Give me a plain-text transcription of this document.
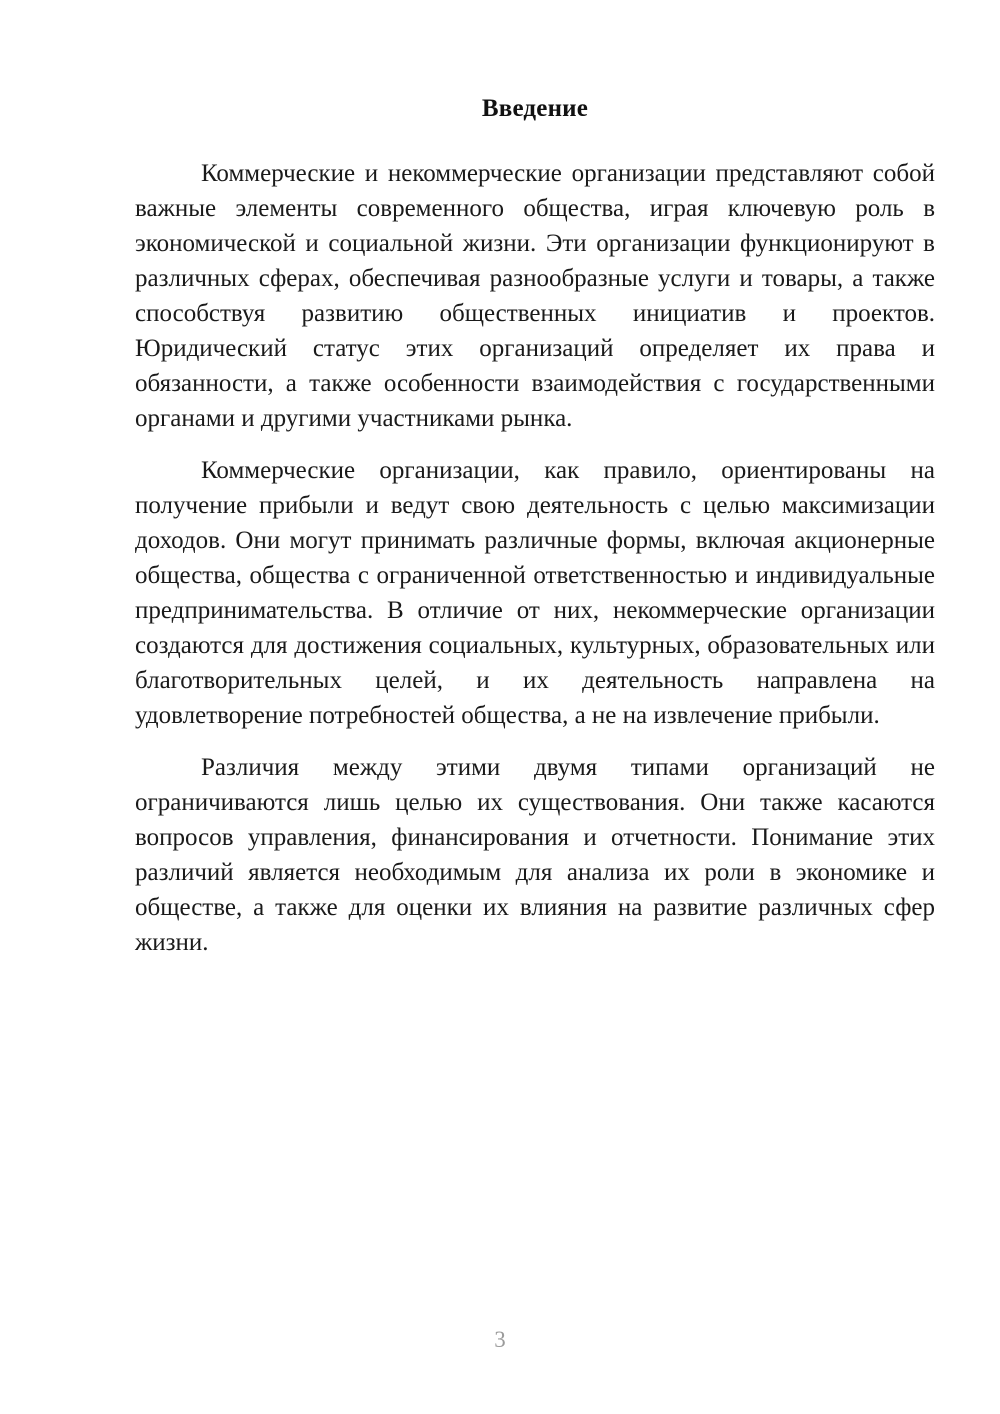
Введение

Коммерческие и некоммерческие организации представляют собой важные элементы современного общества, играя ключевую роль в экономической и социальной жизни. Эти организации функционируют в различных сферах, обеспечивая разнообразные услуги и товары, а также способствуя развитию общественных инициатив и проектов. Юридический статус этих организаций определяет их права и обязанности, а также особенности взаимодействия с государственными органами и другими участниками рынка.

Коммерческие организации, как правило, ориентированы на получение прибыли и ведут свою деятельность с целью максимизации доходов. Они могут принимать различные формы, включая акционерные общества, общества с ограниченной ответственностью и индивидуальные предпринимательства. В отличие от них, некоммерческие организации создаются для достижения социальных, культурных, образовательных или благотворительных целей, и их деятельность направлена на удовлетворение потребностей общества, а не на извлечение прибыли.

Различия между этими двумя типами организаций не ограничиваются лишь целью их существования. Они также касаются вопросов управления, финансирования и отчетности. Понимание этих различий является необходимым для анализа их роли в экономике и обществе, а также для оценки их влияния на развитие различных сфер жизни.

3
